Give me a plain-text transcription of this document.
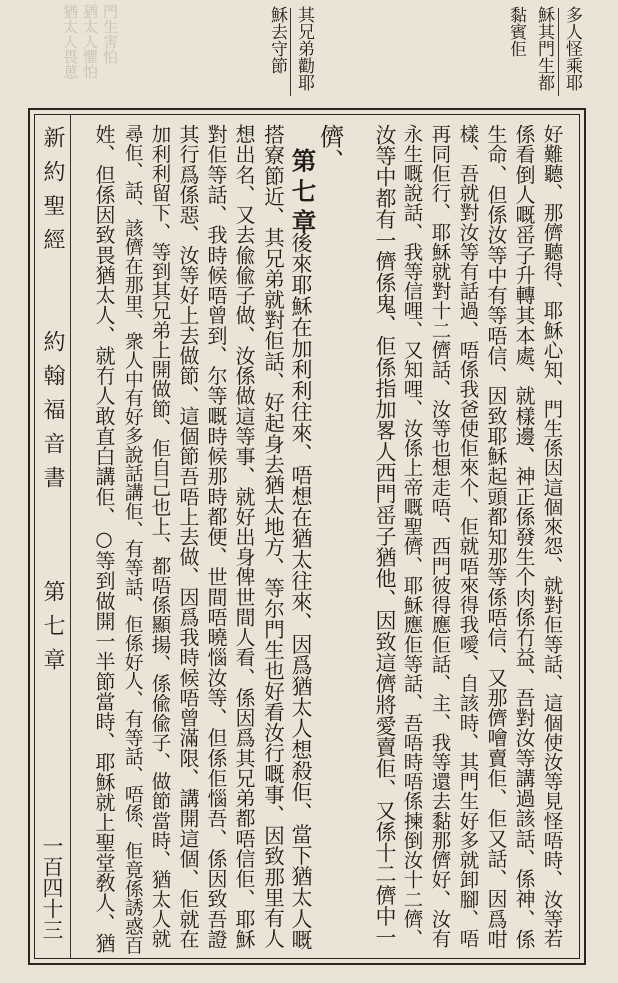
猶太人畏葸 猶太人懼怕 門生害怕	多人怪乘耶
穌其門生都
黏賓佢
其兄弟勸耶
穌去守節
新約聖經
約翰福音書
第七章
一百四十三	好難聽、那儕聽得、耶穌心知、門生係因這個來怨、就對佢等話、這個使汝等見怪唔時、汝等若
係看倒人嘅䍃子升轉其本處、就樣邊、神正係發生个肉係冇益、吾對汝等講過該話、係神、係
生命、但係汝等中有等唔信、因致耶穌起頭都知那等係唔信、又那儕噲賣佢、佢又話、因爲咁
樣、吾就對汝等有話過、唔係我爸使佢來个、佢就唔來得我噯、自該時、其門生好多就卸腳、唔
再同佢行、耶穌就對十二儕話、汝等也想走唔、西門彼得應佢話、主、我等還去黏那儕好、汝有
永生嘅說話、我等信哩、又知哩、汝係上帝嘅聖儕、耶穌應佢等話、吾唔時唔係揀倒汝十二儕、
汝等中都有一儕係鬼、佢係指加畧人西門䍃子猶他、因致這儕將愛賣佢、又係十二儕中一
儕、
第七章
後來耶穌在加利利往來、唔想在猶太往來、因爲猶太人想殺佢、當下猶太人嘅
搭寮節近、其兄弟就對佢話、好起身去猶太地方、等尔門生也好看汝行嘅事、因致那里有人
想出名、又去偸偸子做、汝係做這等事、就好出身俾世間人看、係因爲其兄弟都唔信佢、耶穌
對佢等話、我時候唔曾到、尔等嘅時候那時都便、世間唔曉惱汝等、但係佢惱吾、係因致吾證
其行爲係惡、汝等好上去做節、這個節吾唔上去做、因爲我時候唔曾滿限、講開這個、佢就在
加利利留下、等到其兄弟上開做節、佢自己也上、都唔係顯揚、係偸偸子、做節當時、猶太人就
尋佢、話、該儕在那里、衆人中有好多說話講佢、有等話、佢係好人、有等話、唔係、佢竟係誘惑百
姓、但係因致畏猶太人、就冇人敢直白講佢、○等到做開一半節當時、耶穌就上聖堂敎人、猶
